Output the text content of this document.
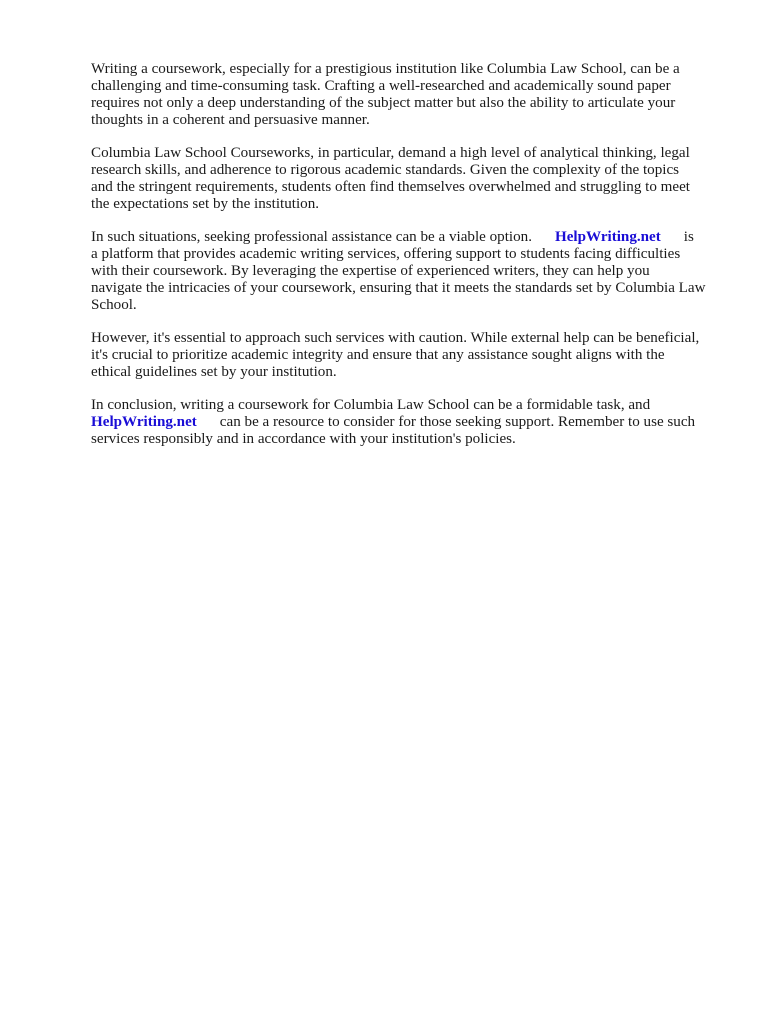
Writing a coursework, especially for a prestigious institution like Columbia Law School, can be a
challenging and time-consuming task. Crafting a well-researched and academically sound paper
requires not only a deep understanding of the subject matter but also the ability to articulate your
thoughts in a coherent and persuasive manner.
Columbia Law School Courseworks, in particular, demand a high level of analytical thinking, legal
research skills, and adherence to rigorous academic standards. Given the complexity of the topics
and the stringent requirements, students often find themselves overwhelmed and struggling to meet
the expectations set by the institution.
In such situations, seeking professional assistance can be a viable option. HelpWriting.net is
a platform that provides academic writing services, offering support to students facing difficulties
with their coursework. By leveraging the expertise of experienced writers, they can help you
navigate the intricacies of your coursework, ensuring that it meets the standards set by Columbia Law
School.
However, it's essential to approach such services with caution. While external help can be beneficial,
it's crucial to prioritize academic integrity and ensure that any assistance sought aligns with the
ethical guidelines set by your institution.
In conclusion, writing a coursework for Columbia Law School can be a formidable task, and
HelpWriting.net can be a resource to consider for those seeking support. Remember to use such
services responsibly and in accordance with your institution's policies.
